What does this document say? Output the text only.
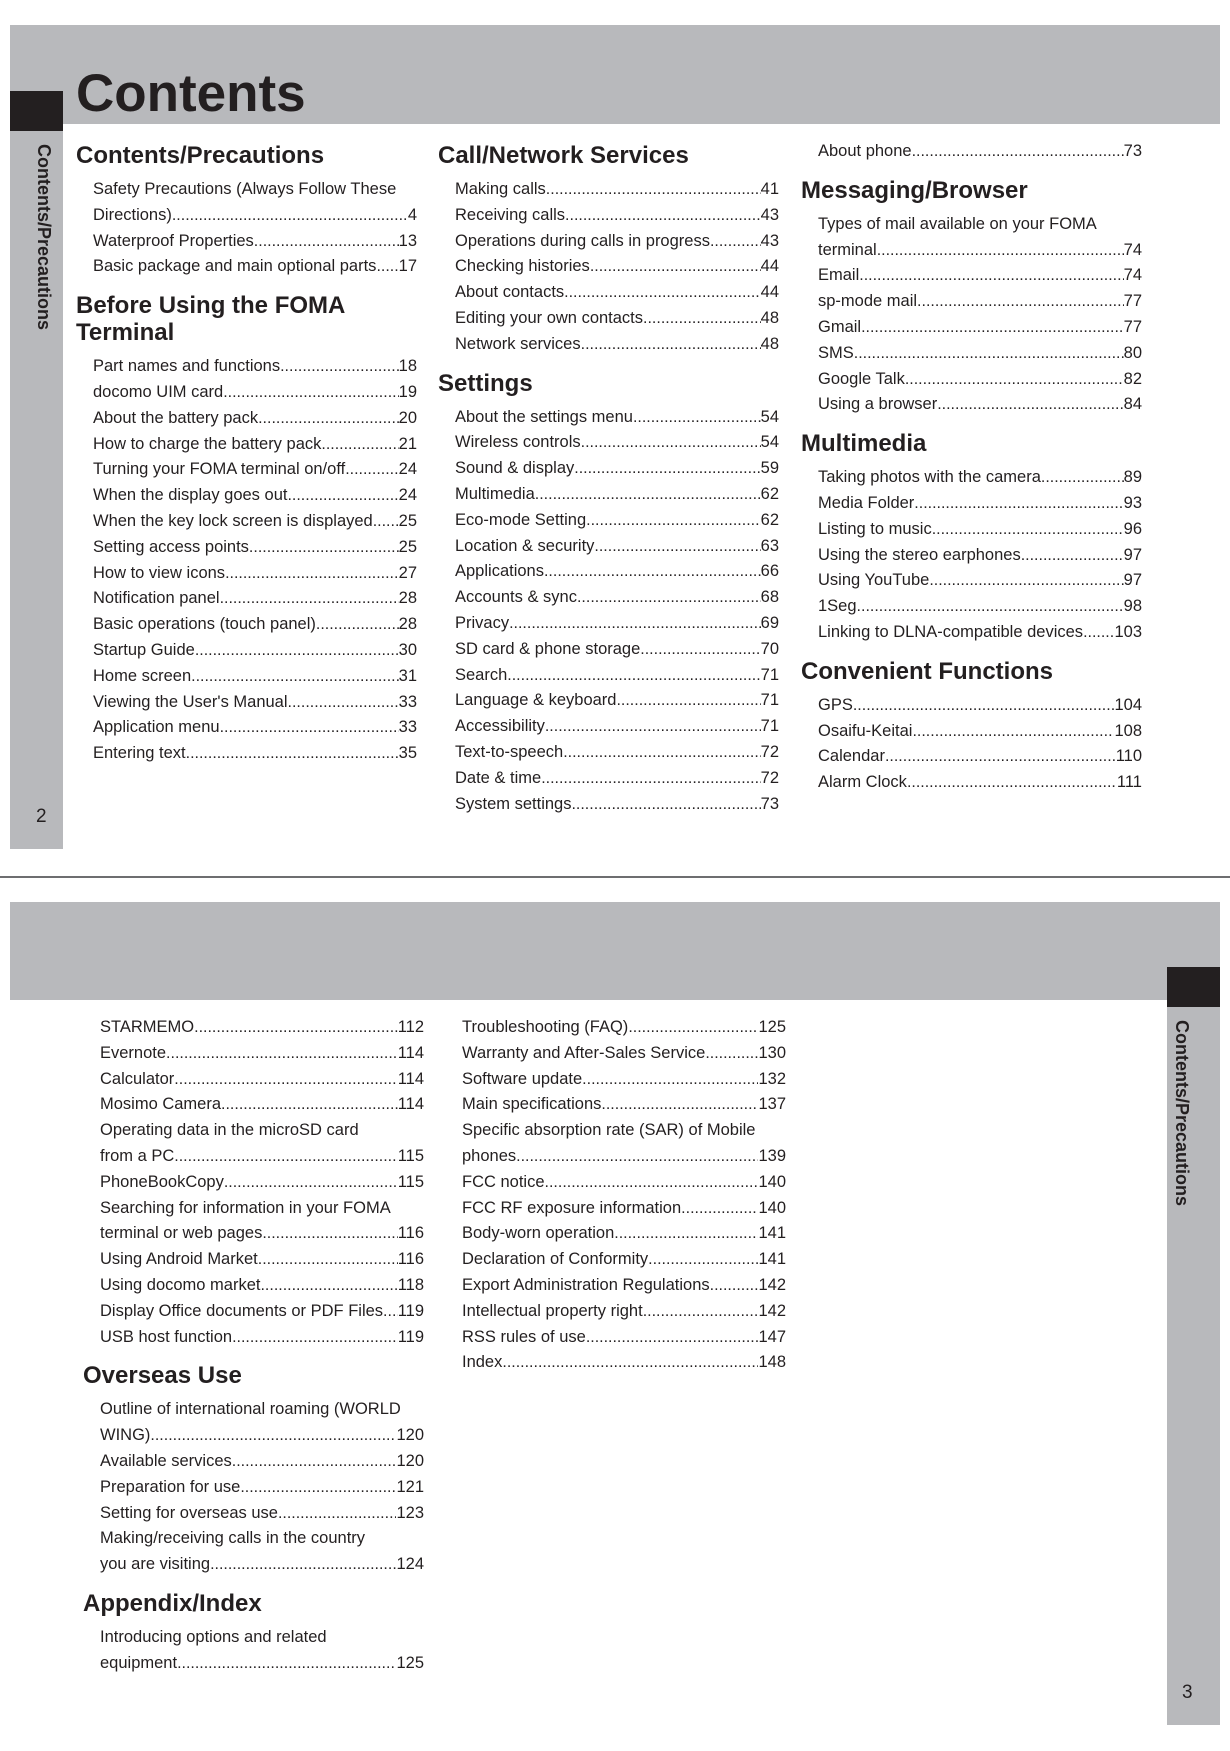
Contents/Precautions
2
Contents
Contents/Precautions
Safety Precautions (Always Follow These
Directions) .....	4
Waterproof Properties .....	13
Basic package and main optional parts ..... 17
Before Using the FOMA Terminal
Part names and functions .....	18
docomo UIM card .....	19
About the battery pack .....	20
How to charge the battery pack .....	21
Turning your FOMA terminal on/off .....	24
When the display goes out .....	24
When the key lock screen is displayed ..... 25
Setting access points .....	25
How to view icons .....	27
Notification panel .....	28
Basic operations (touch panel) .....	28
Startup Guide .....	30
Home screen .....	31
Viewing the User's Manual .....	33
Application menu .....	33
Entering text .....	35
Call/Network Services
Making calls .....	41
Receiving calls .....	43
Operations during calls in progress .....	43
Checking histories .....	44
About contacts .....	44
Editing your own contacts .....	48
Network services .....	48
Settings
About the settings menu .....	54
Wireless controls .....	54
Sound & display .....	59
Multimedia .....	62
Eco-mode Setting .....	62
Location & security .....	63
Applications .....	66
Accounts & sync .....	68
Privacy .....	69
SD card & phone storage .....	70
Search .....	71
Language & keyboard .....	71
Accessibility .....	71
Text-to-speech .....	72
Date & time .....	72
System settings .....	73
About phone .....	73
Messaging/Browser
Types of mail available on your FOMA
terminal .....	74
Email .....	74
sp-mode mail .....	77
Gmail .....	77
SMS .....	80
Google Talk .....	82
Using a browser .....	84
Multimedia
Taking photos with the camera .....	89
Media Folder .....	93
Listing to music .....	96
Using the stereo earphones .....	97
Using YouTube .....	97
1Seg .....	98
Linking to DLNA-compatible devices ..... 103
Convenient Functions
GPS .....	104
Osaifu-Keitai .....	108
Calendar .....	110
Alarm Clock .....	111
Contents/Precautions
3
STARMEMO .....	112
Evernote .....	114
Calculator .....	114
Mosimo Camera .....	114
Operating data in the microSD card
from a PC .....	115
PhoneBookCopy .....	115
Searching for information in your FOMA
terminal or web pages .....	116
Using Android Market .....	116
Using docomo market .....	118
Display Office documents or PDF Files ..... 119
USB host function .....	119
Overseas Use
Outline of international roaming (WORLD
WING) .....	120
Available services .....	120
Preparation for use .....	121
Setting for overseas use .....	123
Making/receiving calls in the country
you are visiting .....	124
Appendix/Index
Introducing options and related
equipment .....	125
Troubleshooting (FAQ) .....	125
Warranty and After-Sales Service .....	130
Software update .....	132
Main specifications .....	137
Specific absorption rate (SAR) of Mobile
phones .....	139
FCC notice .....	140
FCC RF exposure information .....	140
Body-worn operation .....	141
Declaration of Conformity .....	141
Export Administration Regulations .....	142
Intellectual property right .....	142
RSS rules of use .....	147
Index .....	148
